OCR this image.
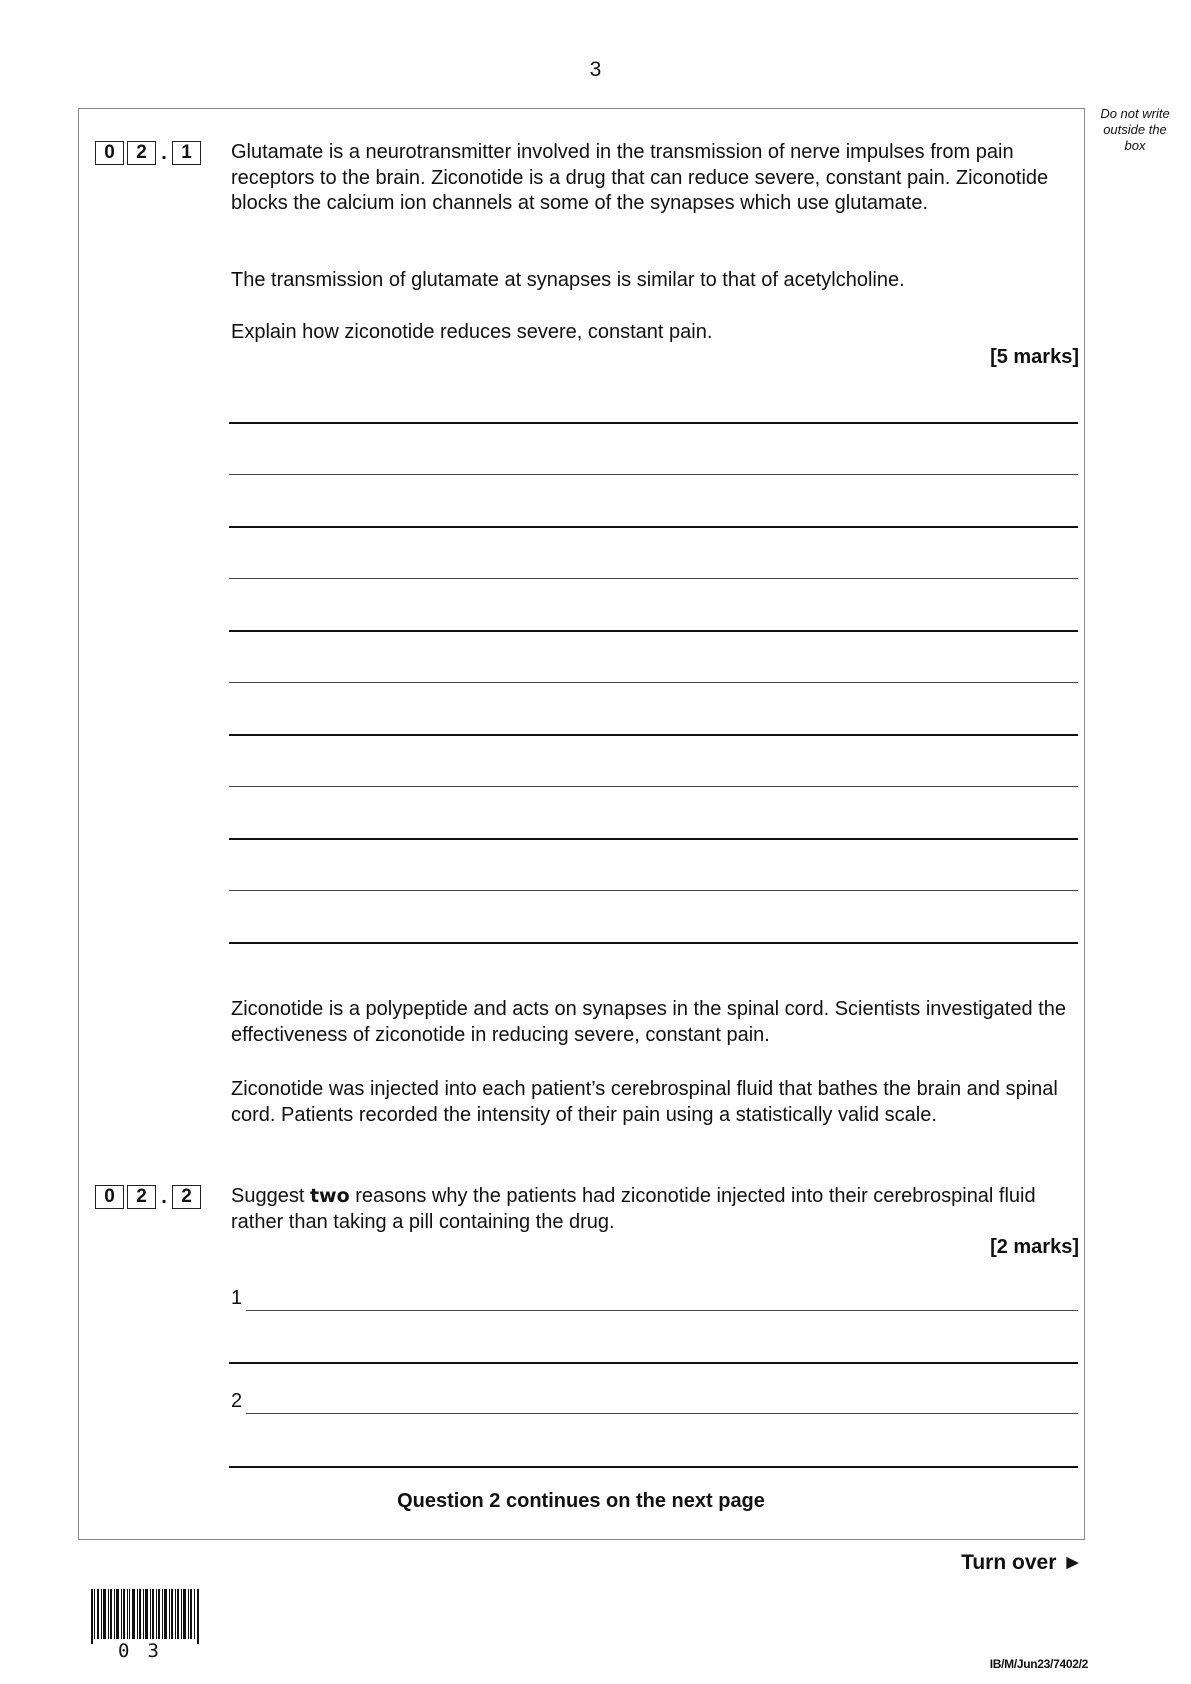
3
Do not write
outside the
box
0	2 . 1	Glutamate is a neurotransmitter involved in the transmission of nerve impulses from pain receptors to the brain. Ziconotide is a drug that can reduce severe, constant pain. Ziconotide blocks the calcium ion channels at some of the synapses which use glutamate.
The transmission of glutamate at synapses is similar to that of acetylcholine.
Explain how ziconotide reduces severe, constant pain.
[5 marks]
Ziconotide is a polypeptide and acts on synapses in the spinal cord. Scientists investigated the effectiveness of ziconotide in reducing severe, constant pain.
Ziconotide was injected into each patient’s cerebrospinal fluid that bathes the brain and spinal cord. Patients recorded the intensity of their pain using a statistically valid scale.
0	2 . 2	Suggest two reasons why the patients had ziconotide injected into their cerebrospinal fluid rather than taking a pill containing the drug.
[2 marks]
1
2
Question 2 continues on the next page
Turn over ►
03
IB/M/Jun23/7402/2
